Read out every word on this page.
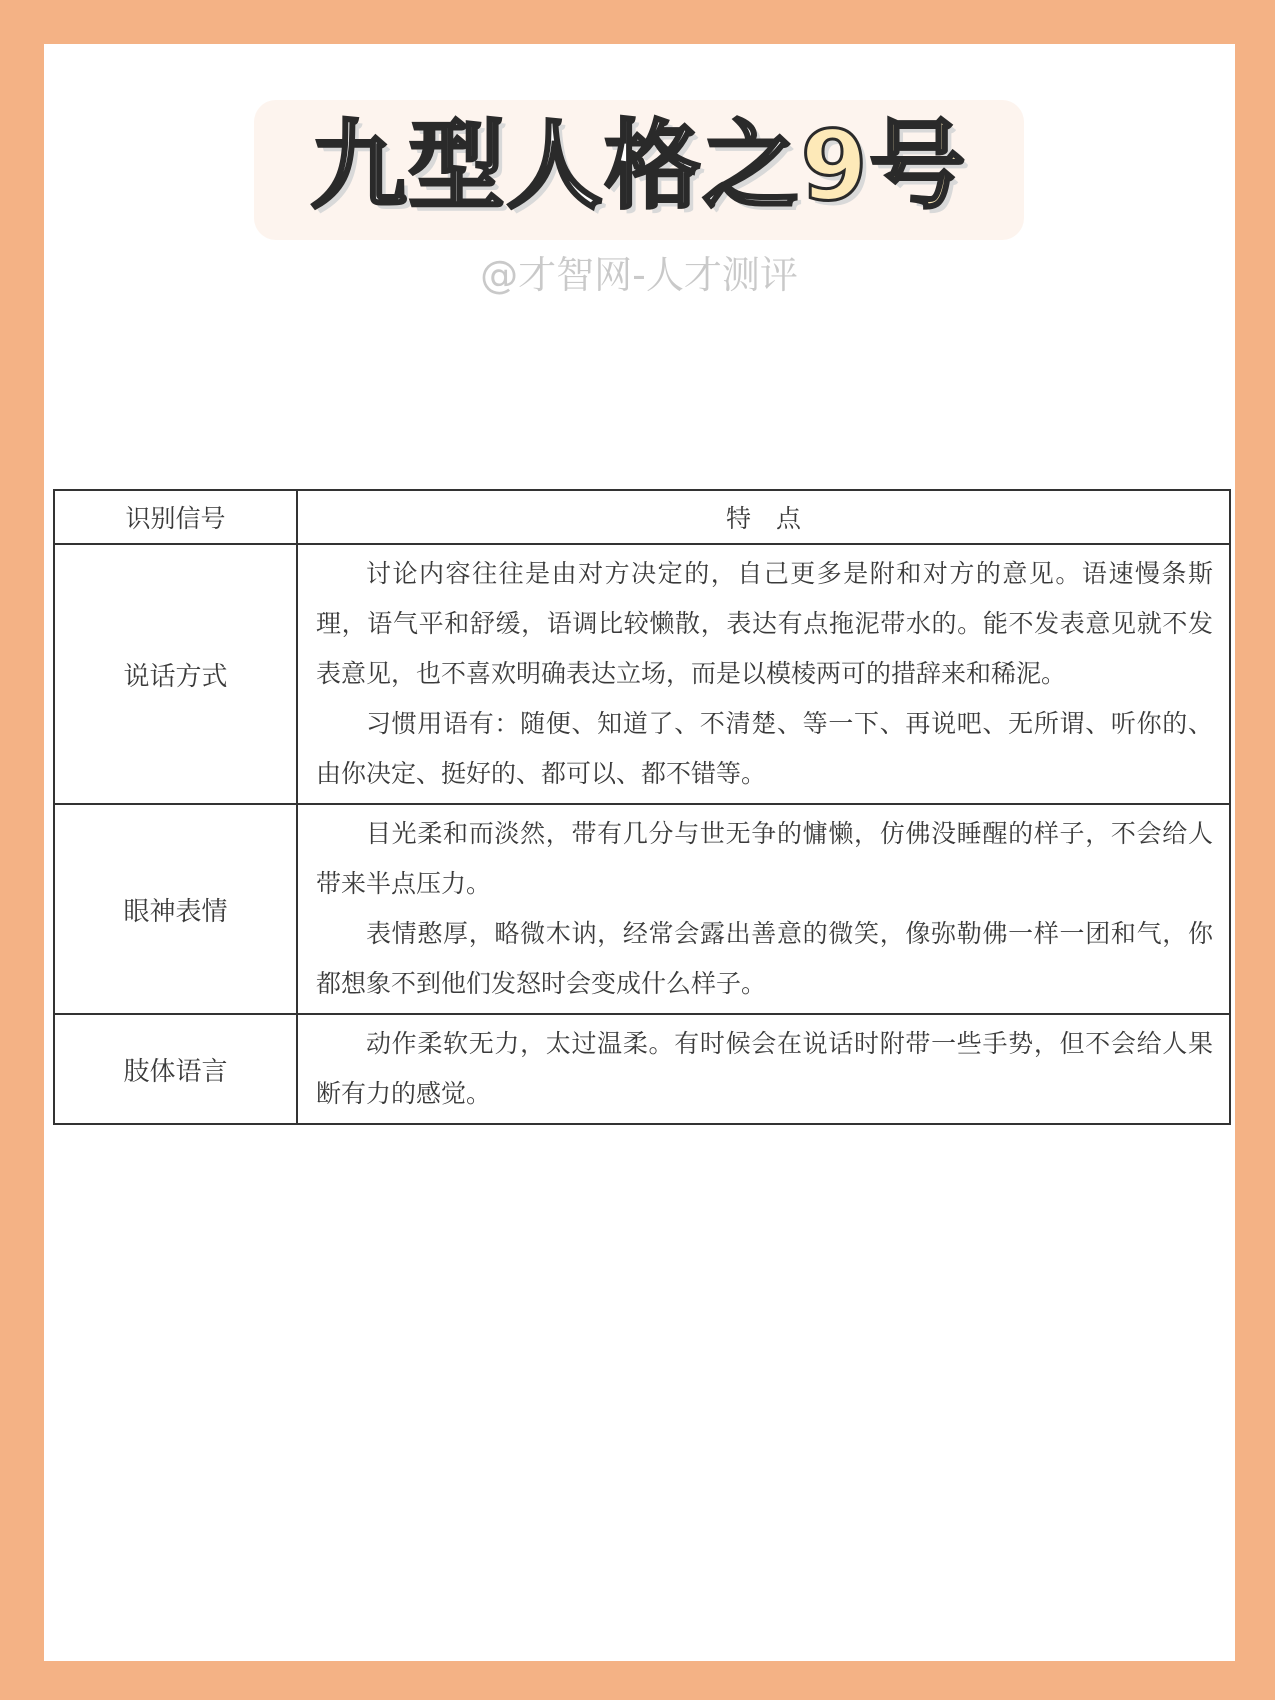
九型人格之9号
@才智网-人才测评
识别信号	特　点
说话方式	讨论内容往往是由对方决定的，自己更多是附和对方的意见。语速慢条斯理，语气平和舒缓，语调比较懒散，表达有点拖泥带水的。能不发表意见就不发表意见，也不喜欢明确表达立场，而是以模棱两可的措辞来和稀泥。

习惯用语有：随便、知道了、不清楚、等一下、再说吧、无所谓、听你的、由你决定、挺好的、都可以、都不错等。

眼神表情	目光柔和而淡然，带有几分与世无争的慵懒，仿佛没睡醒的样子，不会给人带来半点压力。

表情憨厚，略微木讷，经常会露出善意的微笑，像弥勒佛一样一团和气，你都想象不到他们发怒时会变成什么样子。

肢体语言	动作柔软无力，太过温柔。有时候会在说话时附带一些手势，但不会给人果断有力的感觉。
